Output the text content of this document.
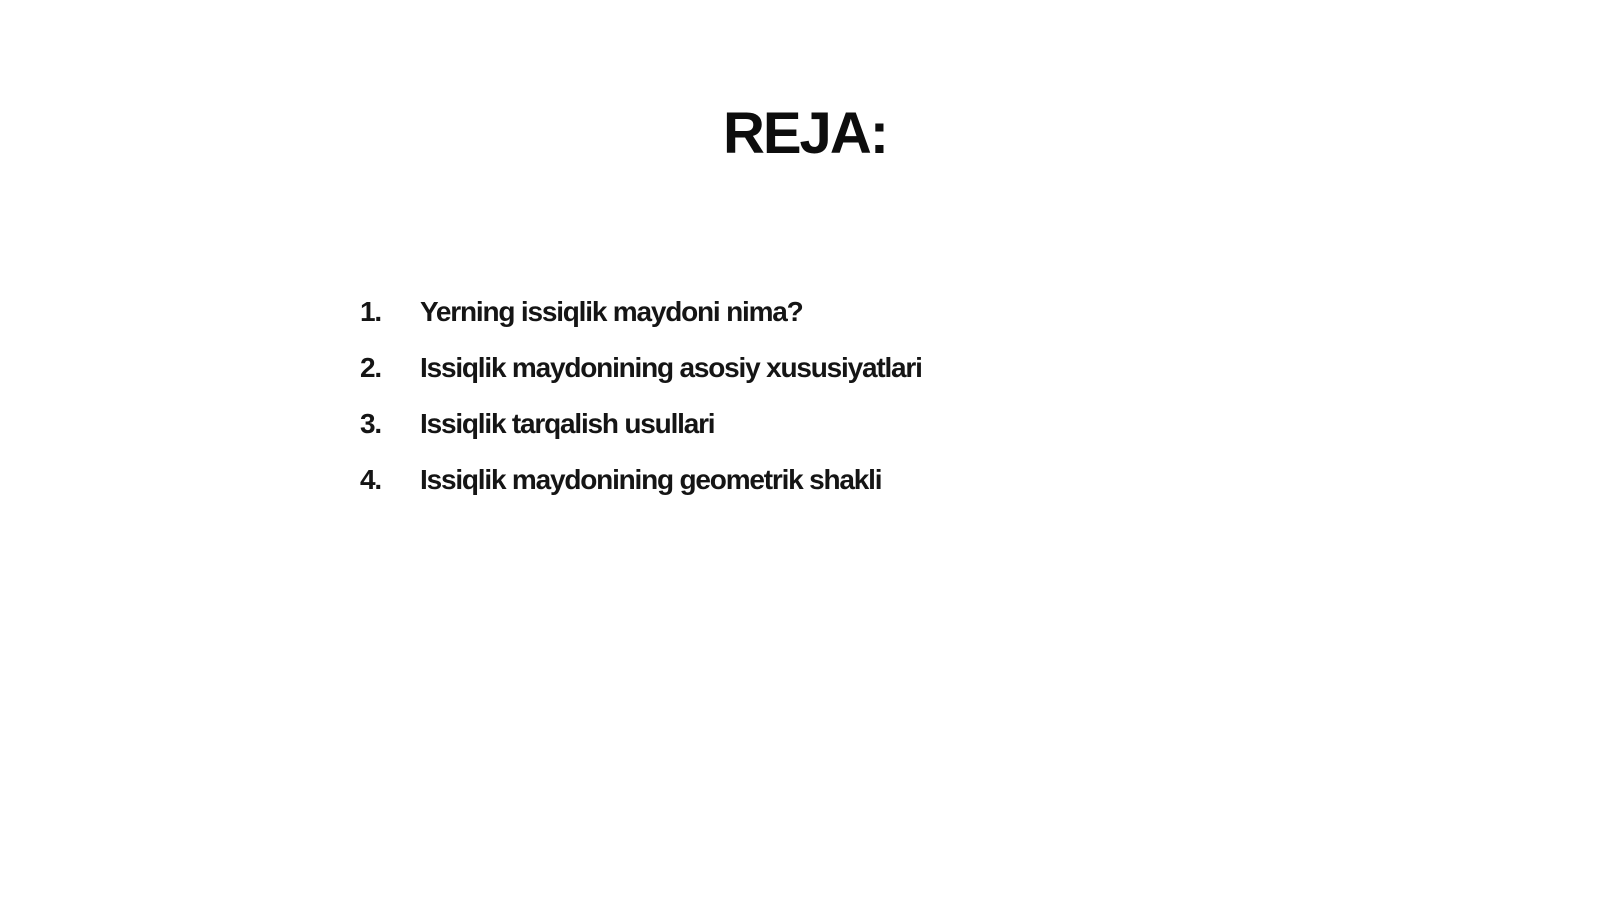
REJA:
1.	Yerning issiqlik maydoni nima?
2.	Issiqlik maydonining asosiy xususiyatlari
3.	Issiqlik tarqalish usullari
4.	Issiqlik maydonining geometrik shakli
